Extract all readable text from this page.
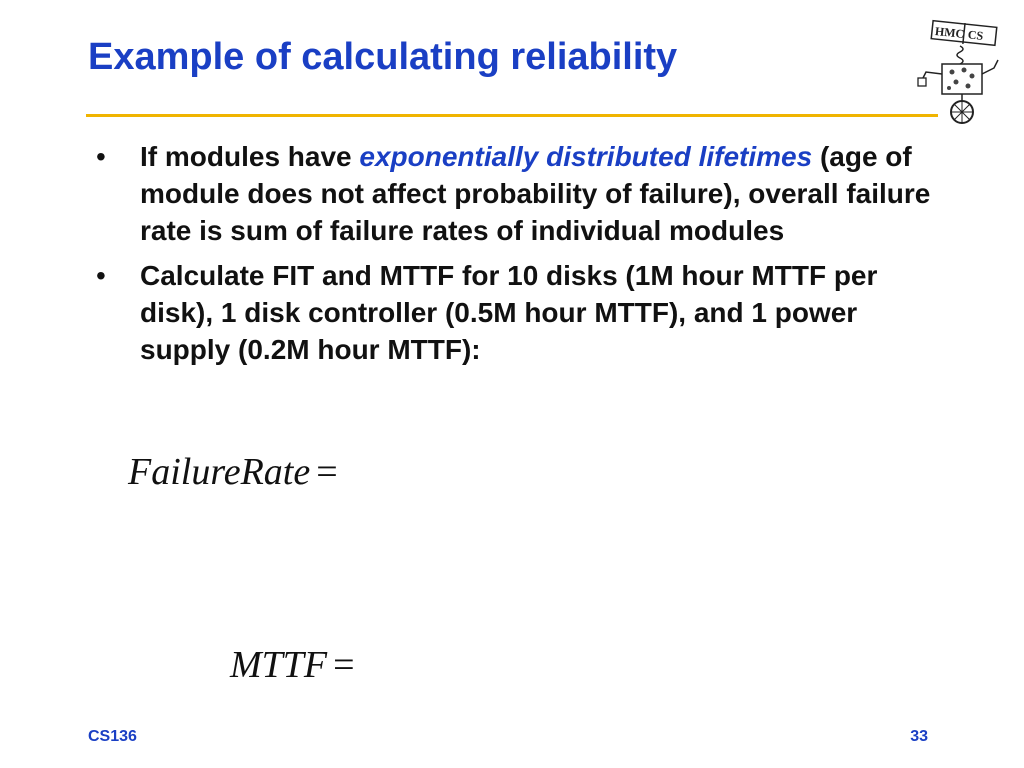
Example of calculating reliability
HMC CS
• If modules have exponentially distributed lifetimes (age of module does not affect probability of failure), overall failure rate is sum of failure rates of individual modules
• Calculate FIT and MTTF for 10 disks (1M hour MTTF per disk), 1 disk controller (0.5M hour MTTF), and 1 power supply (0.2M hour MTTF):
FailureRate =
MTTF =
CS136	33
